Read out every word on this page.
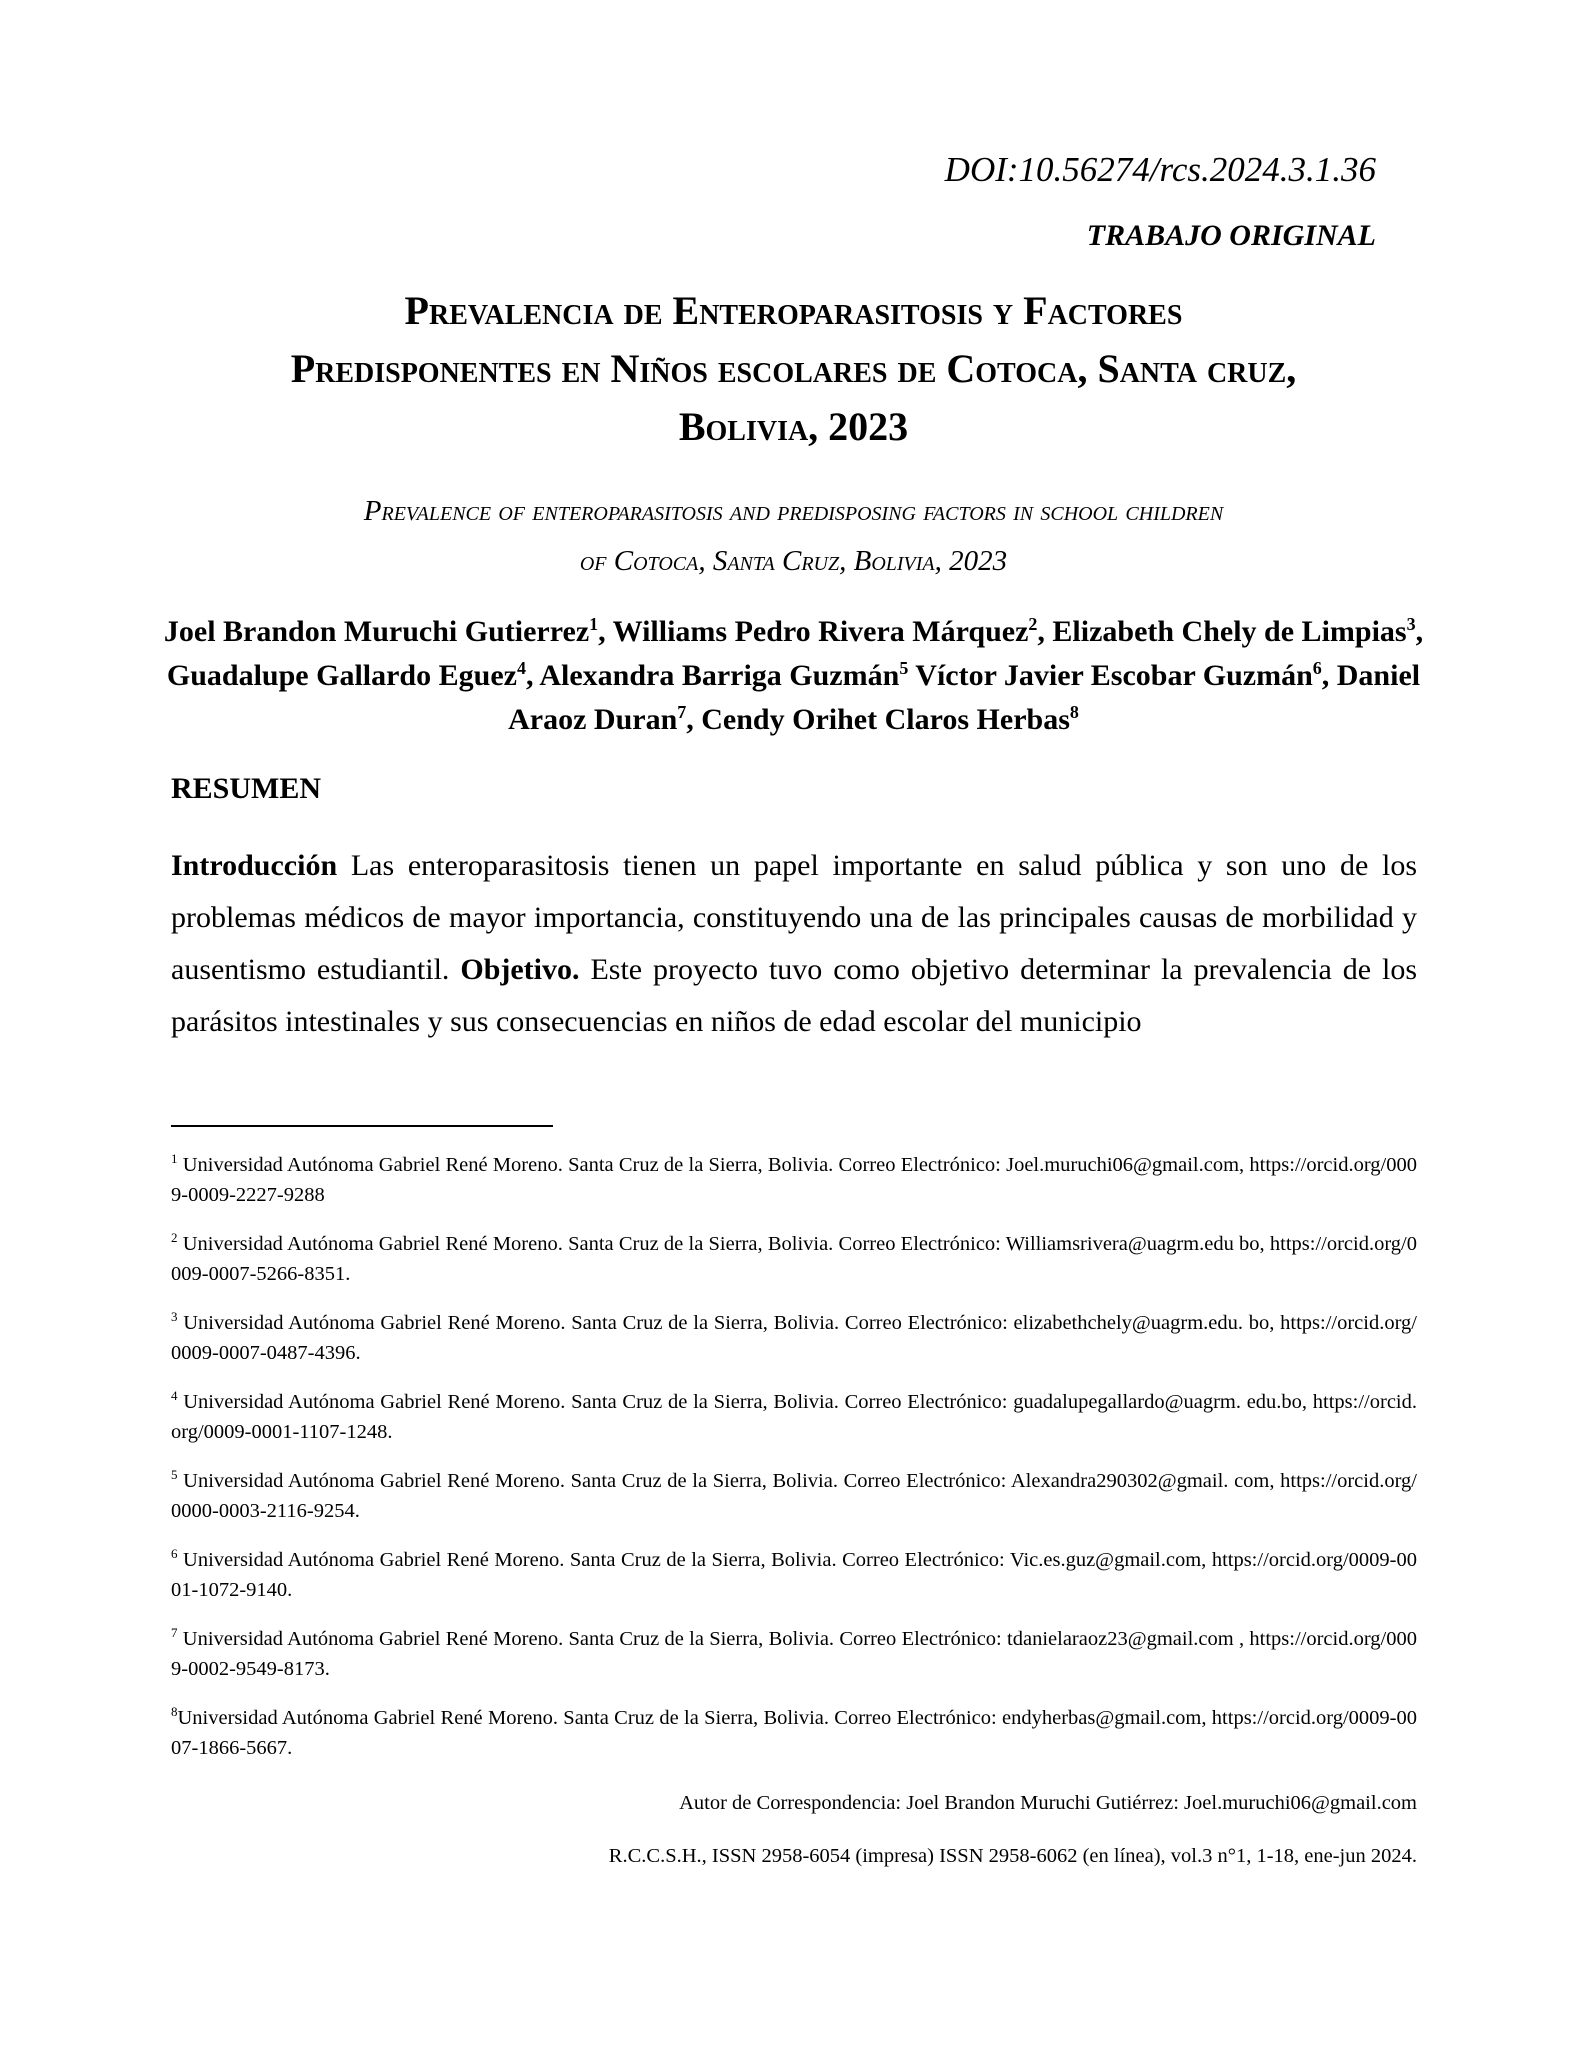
DOI:10.56274/rcs.2024.3.1.36
TRABAJO ORIGINAL
Prevalencia de Enteroparasitosis y Factores
Predisponentes en Niños escolares de Cotoca, Santa cruz,
Bolivia, 2023
Prevalence of enteroparasitosis and predisposing factors in school children
of Cotoca, Santa Cruz, Bolivia, 2023
Joel Brandon Muruchi Gutierrez$^1$, Williams Pedro Rivera Márquez$^2$, Elizabeth Chely de Limpias$^3$, Guadalupe Gallardo Eguez$^4$, Alexandra Barriga Guzmán$^5$ Víctor Javier Escobar Guzmán$^6$, Daniel Araoz Duran$^7$, Cendy Orihet Claros Herbas$^8$
RESUMEN
Introducción Las enteroparasitosis tienen un papel importante en salud pública y son uno de los problemas médicos de mayor importancia, constituyendo una de las principales causas de morbilidad y ausentismo estudiantil. Objetivo. Este proyecto tuvo como objetivo determinar la prevalencia de los parásitos intestinales y sus consecuencias en niños de edad escolar del municipio
$^1$ Universidad Autónoma Gabriel René Moreno. Santa Cruz de la Sierra, Bolivia. Correo Electrónico: Joel.muruchi06@gmail.com, https://orcid.org/0009-0009-2227-9288
$^2$ Universidad Autónoma Gabriel René Moreno. Santa Cruz de la Sierra, Bolivia. Correo Electrónico: Williamsrivera@uagrm.edu bo, https://orcid.org/0009-0007-5266-8351.
$^3$ Universidad Autónoma Gabriel René Moreno. Santa Cruz de la Sierra, Bolivia. Correo Electrónico: elizabethchely@uagrm.edu. bo, https://orcid.org/0009-0007-0487-4396.
$^4$ Universidad Autónoma Gabriel René Moreno. Santa Cruz de la Sierra, Bolivia. Correo Electrónico: guadalupegallardo@uagrm. edu.bo, https://orcid.org/0009-0001-1107-1248.
$^5$ Universidad Autónoma Gabriel René Moreno. Santa Cruz de la Sierra, Bolivia. Correo Electrónico: Alexandra290302@gmail. com, https://orcid.org/0000-0003-2116-9254.
$^6$ Universidad Autónoma Gabriel René Moreno. Santa Cruz de la Sierra, Bolivia. Correo Electrónico: Vic.es.guz@gmail.com, https://orcid.org/0009-0001-1072-9140.
$^7$ Universidad Autónoma Gabriel René Moreno. Santa Cruz de la Sierra, Bolivia. Correo Electrónico: tdanielaraoz23@gmail.com , https://orcid.org/0009-0002-9549-8173.
$^8$Universidad Autónoma Gabriel René Moreno. Santa Cruz de la Sierra, Bolivia. Correo Electrónico: endyherbas@gmail.com, https://orcid.org/0009-0007-1866-5667.
Autor de Correspondencia: Joel Brandon Muruchi Gutiérrez: Joel.muruchi06@gmail.com
R.C.C.S.H., ISSN 2958-6054 (impresa) ISSN 2958-6062 (en línea), vol.3 n°1, 1-18, ene-jun 2024.
